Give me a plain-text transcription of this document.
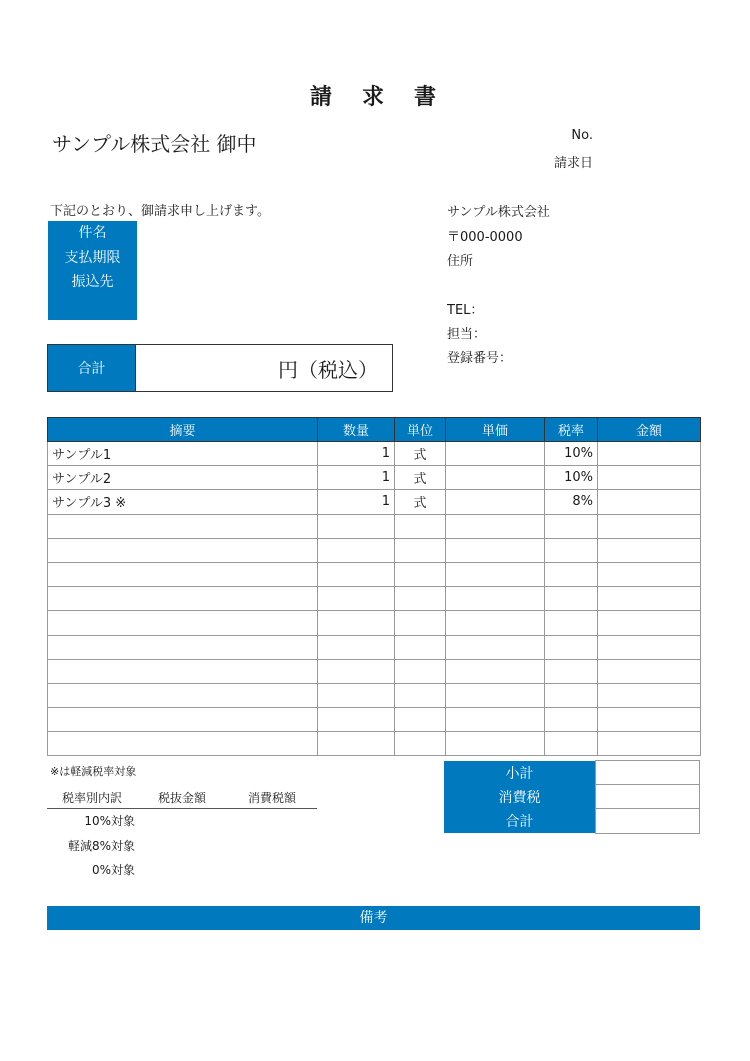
請　求　書
サンプル株式会社 御中	No.
請求日
下記のとおり、御請求申し上げます。
件名
支払期限
振込先
サンプル株式会社
〒000-0000
住所
TEL：
担当：
登録番号：
合計	円（税込）
摘要	数量	単位	単価	税率	金額
サンプル1	1	式		10%	
サンプル2	1	式		10%	
サンプル3 ※	1	式		8%	

※は軽減税率対象
税率別内訳	税抜金額	消費税額
10%対象
軽減8%対象
0%対象
小計	
消費税	
合計	
備考
